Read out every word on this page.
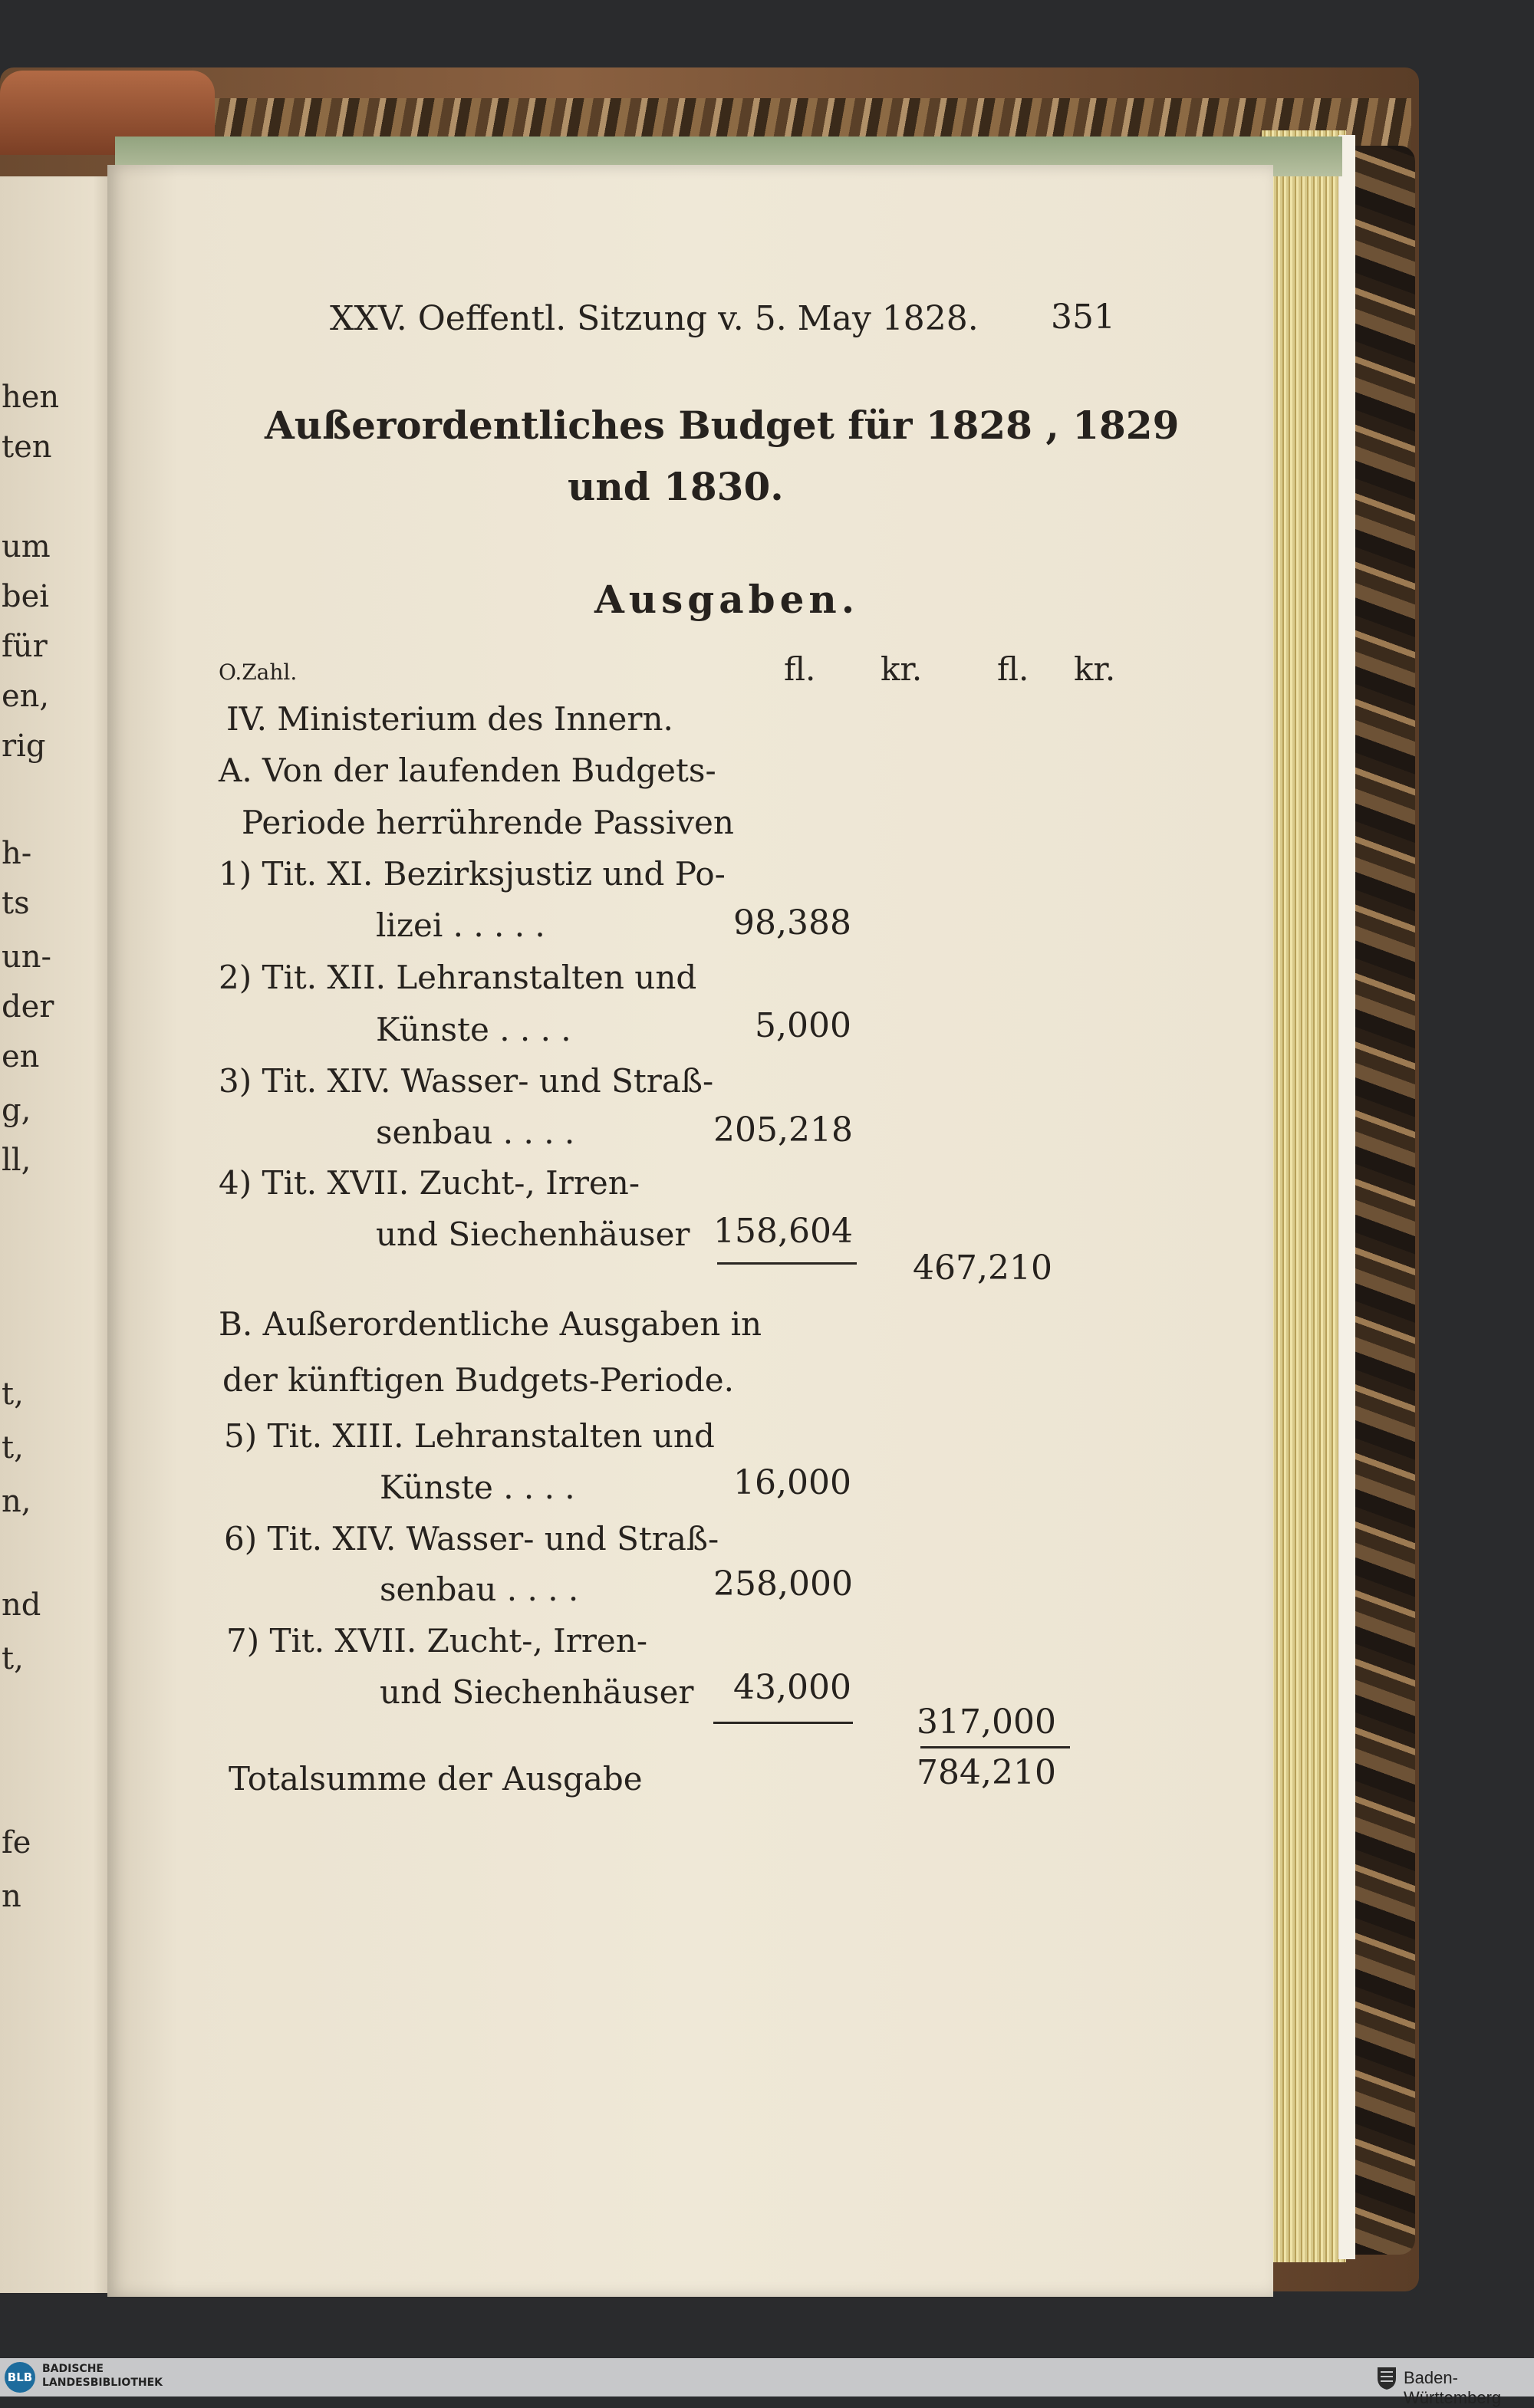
hen
ten
um
bei
für
en,
rig
h-
ts
un-
der
en
g,
ll,
t,
t,
n,
nd
t,
fe
n
XXV. Oeffentl. Sitzung v. 5. May 1828. 351
Außerordentliches Budget für 1828 , 1829
und 1830.
Ausgaben.
O.Zahl.	fl. kr. fl. kr.
IV. Ministerium des Innern.
A. Von der laufenden Budgets-
Periode herrührende Passiven
1) Tit. XI. Bezirksjustiz und Po-
lizei . . . . .	98,388
2) Tit. XII. Lehranstalten und
Künste . . . .	5,000
3) Tit. XIV. Wasser- und Straß-
senbau . . . .	205,218
4) Tit. XVII. Zucht-, Irren-
und Siechenhäuser 158,604
467,210
B. Außerordentliche Ausgaben in
der künftigen Budgets-Periode.
5) Tit. XIII. Lehranstalten und
Künste . . . .	16,000
6) Tit. XIV. Wasser- und Straß-
senbau . . . .	258,000
7) Tit. XVII. Zucht-, Irren-
und Siechenhäuser	43,000
317,000
Totalsumme der Ausgabe	784,210
BLB
BADISCHE
LANDESBIBLIOTHEK	Baden-Württemberg
